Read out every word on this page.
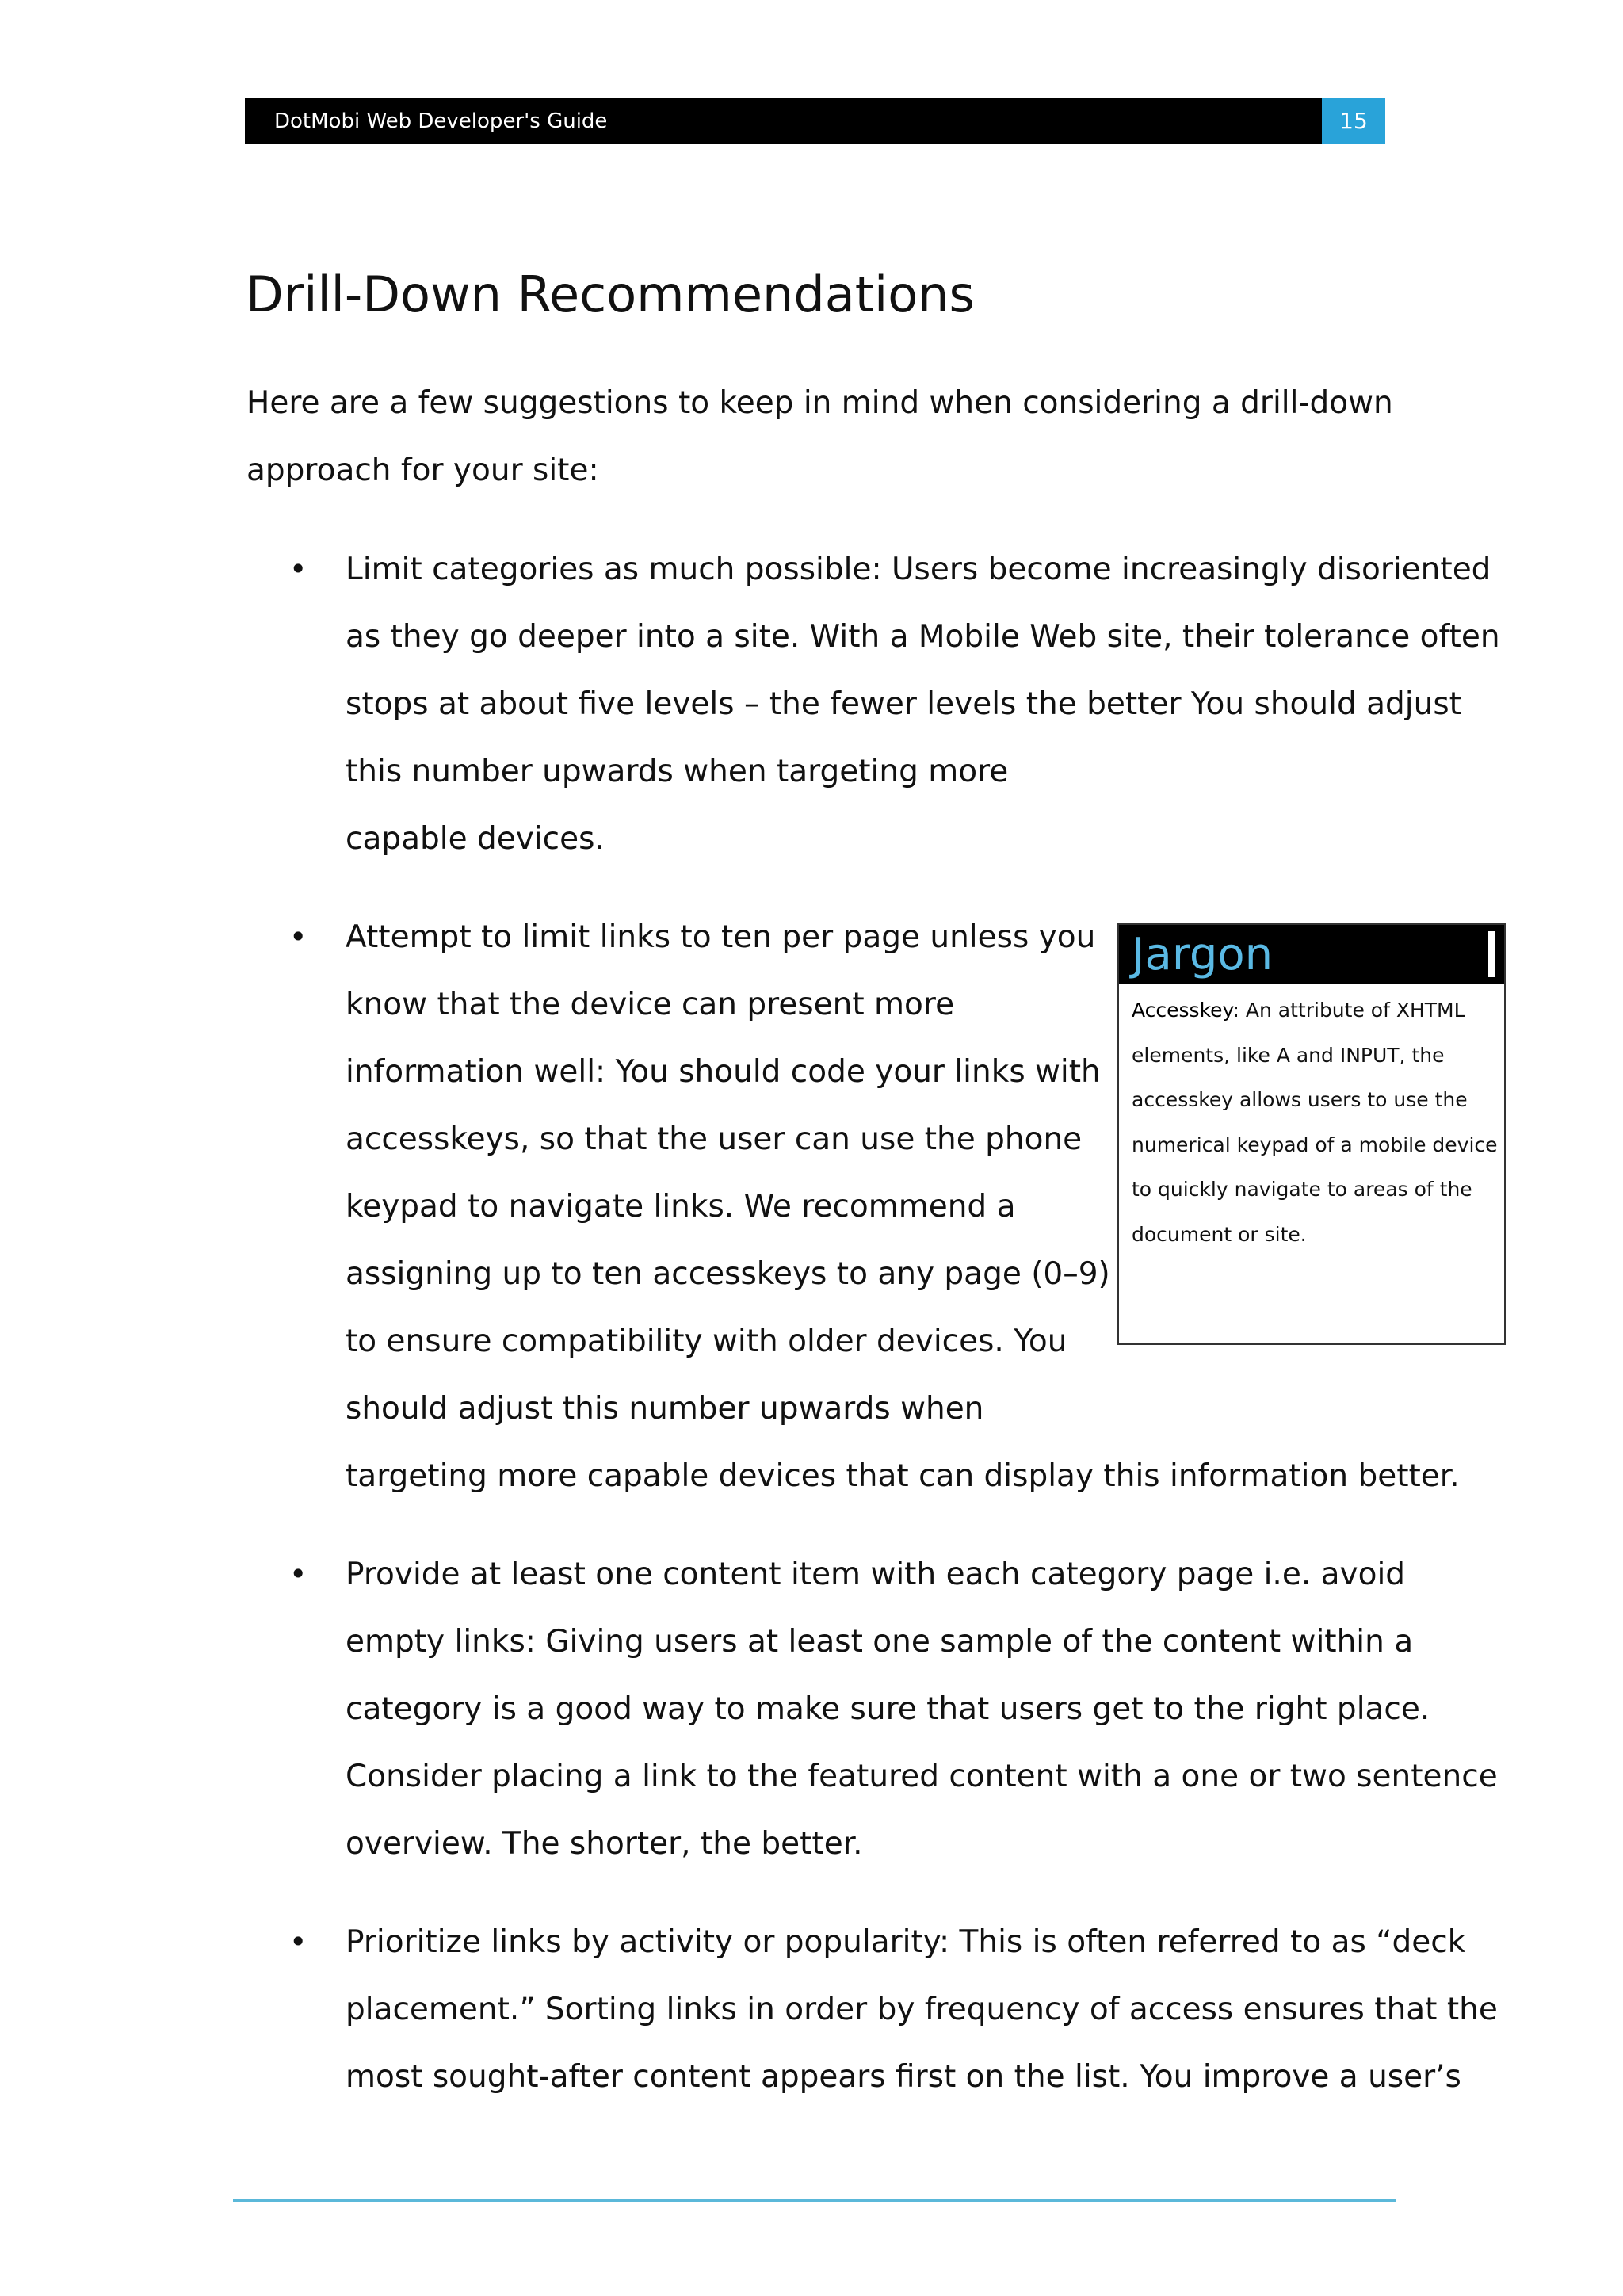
DotMobi Web Developer's Guide	15
Drill-Down Recommendations

Here are a few suggestions to keep in mind when considering a drill-down approach for your site:

• Limit categories as much possible: Users become increasingly disoriented
as they go deeper into a site. With a Mobile Web site, their tolerance often
stops at about five levels – the fewer levels the better You should adjust
this number upwards when targeting more
capable devices.
• Attempt to limit links to ten per page unless you
know that the device can present more
information well: You should code your links with
accesskeys, so that the user can use the phone
keypad to navigate links. We recommend a
assigning up to ten accesskeys to any page (0–9)
to ensure compatibility with older devices. You
should adjust this number upwards when
targeting more capable devices that can display this information better.
• Provide at least one content item with each category page i.e. avoid
empty links: Giving users at least one sample of the content within a
category is a good way to make sure that users get to the right place.
Consider placing a link to the featured content with a one or two sentence
overview. The shorter, the better.
• Prioritize links by activity or popularity: This is often referred to as “deck
placement.” Sorting links in order by frequency of access ensures that the
most sought-after content appears first on the list. You improve a user’s
Jargon
Accesskey: An attribute of XHTML
elements, like A and INPUT, the
accesskey allows users to use the
numerical keypad of a mobile device
to quickly navigate to areas of the
document or site.
